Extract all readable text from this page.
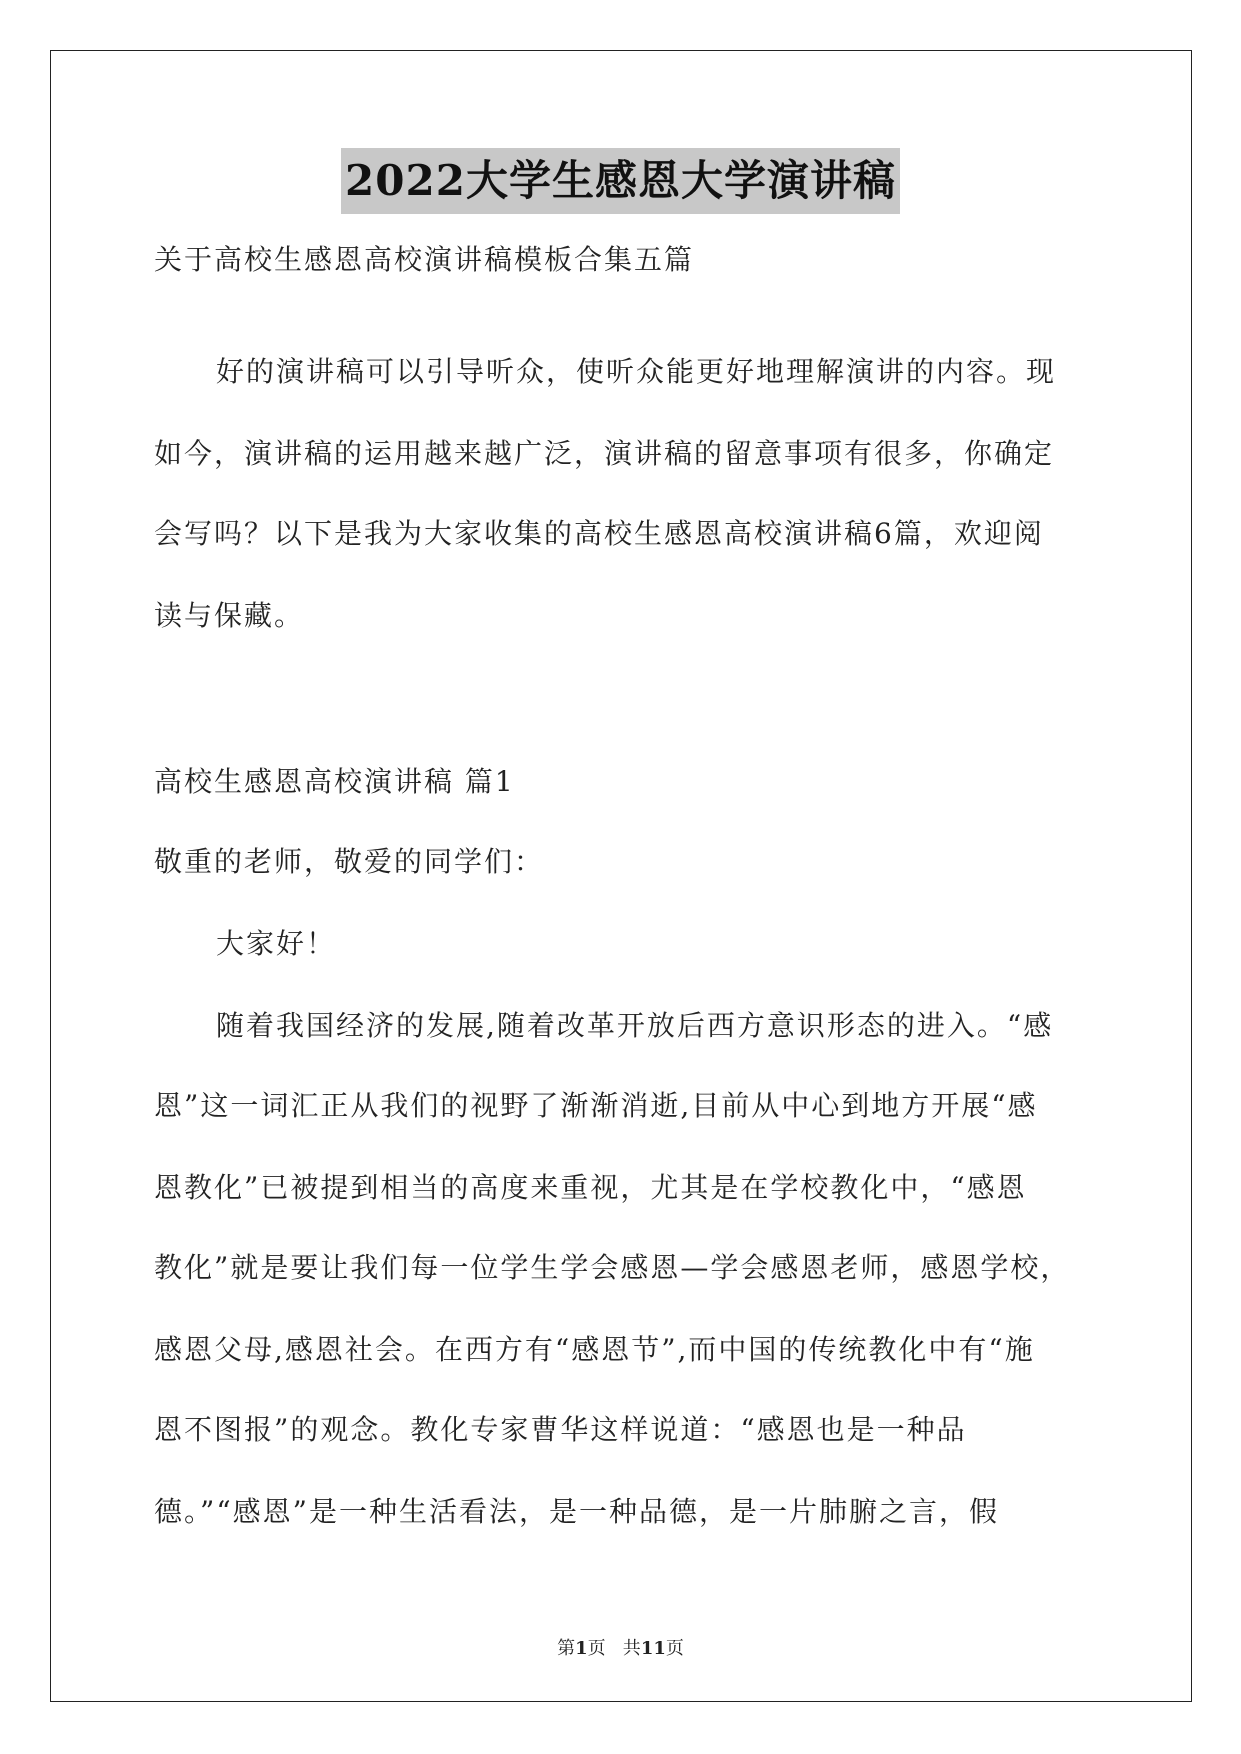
2022大学生感恩大学演讲稿
关于高校生感恩高校演讲稿模板合集五篇
好的演讲稿可以引导听众，使听众能更好地理解演讲的内容。现
如今，演讲稿的运用越来越广泛，演讲稿的留意事项有很多，你确定
会写吗？以下是我为大家收集的高校生感恩高校演讲稿6篇，欢迎阅
读与保藏。
高校生感恩高校演讲稿 篇1
敬重的老师，敬爱的同学们：
大家好！
随着我国经济的发展,随着改革开放后西方意识形态的进入。“感
恩”这一词汇正从我们的视野了渐渐消逝,目前从中心到地方开展“感
恩教化”已被提到相当的高度来重视，尤其是在学校教化中，“感恩
教化”就是要让我们每一位学生学会感恩—学会感恩老师，感恩学校，
感恩父母,感恩社会。在西方有“感恩节”,而中国的传统教化中有“施
恩不图报”的观念。教化专家曹华这样说道：“感恩也是一种品
德。”“感恩”是一种生活看法，是一种品德，是一片肺腑之言，假
第1页   共11页
